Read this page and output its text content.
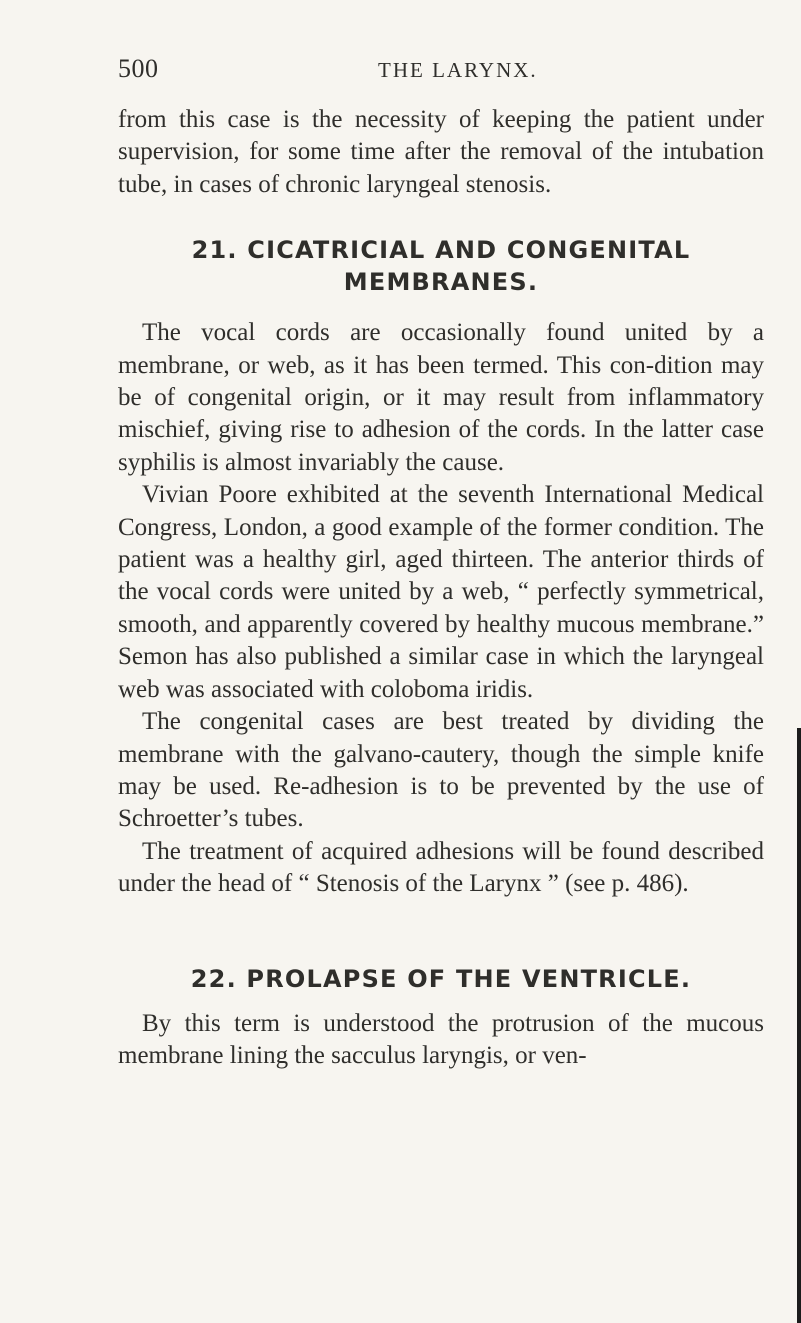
500	THE LARYNX.

from this case is the necessity of keeping the patient under supervision, for some time after the removal of the intubation tube, in cases of chronic laryngeal stenosis.

21. CICATRICIAL AND CONGENITAL
MEMBRANES.

The vocal cords are occasionally found united by a membrane, or web, as it has been termed. This con-dition may be of congenital origin, or it may result from inflammatory mischief, giving rise to adhesion of the cords. In the latter case syphilis is almost invariably the cause.

Vivian Poore exhibited at the seventh International Medical Congress, London, a good example of the former condition. The patient was a healthy girl, aged thirteen. The anterior thirds of the vocal cords were united by a web, “ perfectly symmetrical, smooth, and apparently covered by healthy mucous membrane.” Semon has also published a similar case in which the laryngeal web was associated with coloboma iridis.

The congenital cases are best treated by dividing the membrane with the galvano-cautery, though the simple knife may be used. Re-adhesion is to be prevented by the use of Schroetter’s tubes.

The treatment of acquired adhesions will be found described under the head of “ Stenosis of the Larynx ” (see p. 486).

22. PROLAPSE OF THE VENTRICLE.

By this term is understood the protrusion of the mucous membrane lining the sacculus laryngis, or ven-
